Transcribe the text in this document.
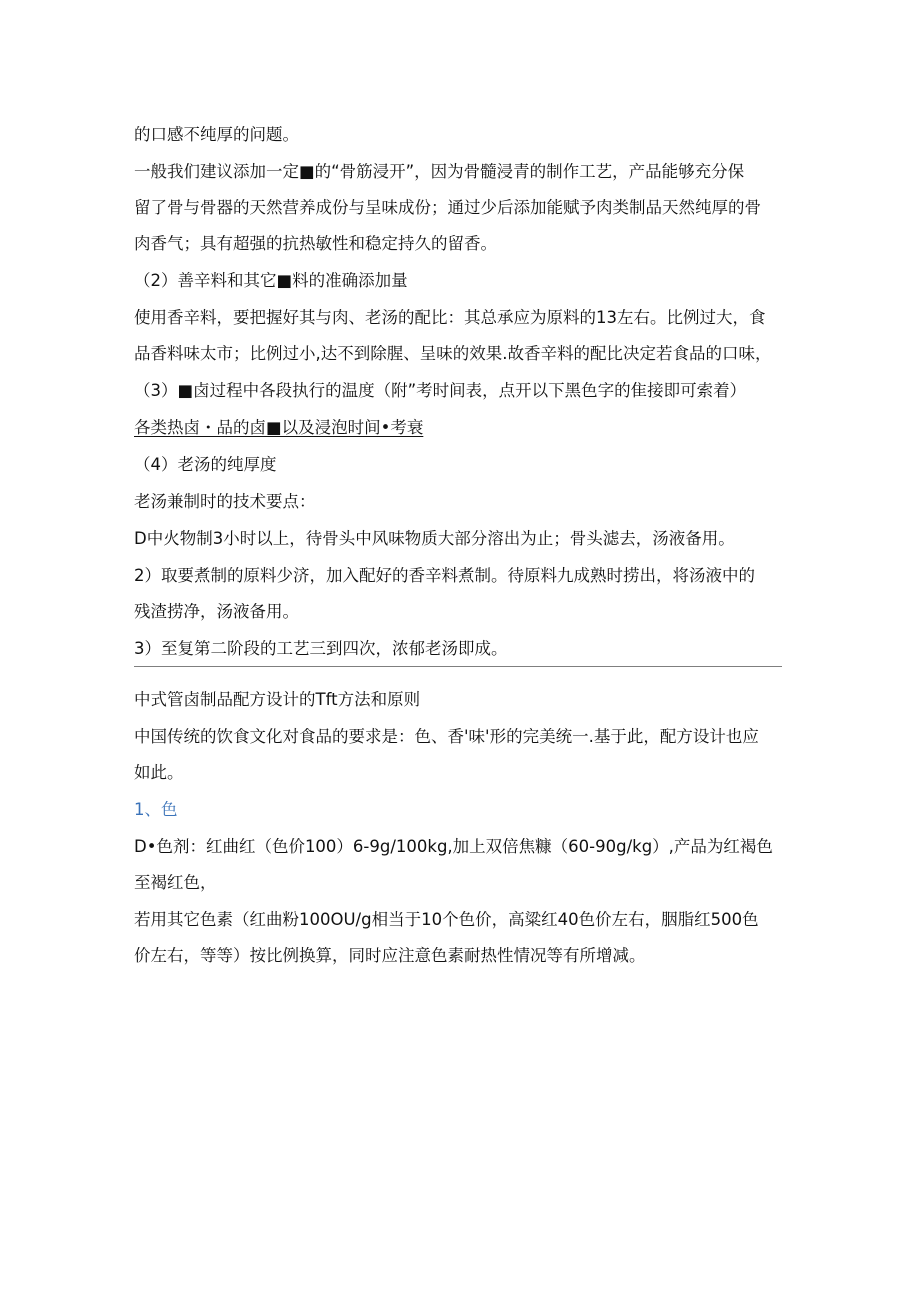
的口感不纯厚的问题。
一般我们建议添加一定■的“骨筋浸开”，因为骨髓浸青的制作工艺，产品能够充分保
留了骨与骨器的天然营养成份与呈味成份；通过少后添加能赋予肉类制品天然纯厚的骨
肉香气；具有超强的抗热敏性和稳定持久的留香。
（2）善辛料和其它■料的准确添加量
使用香辛料，要把握好其与肉、老汤的配比：其总承应为原料的13左右。比例过大，食
品香料味太市；比例过小,达不到除腥、呈味的效果.故香辛料的配比决定若食品的口味，
（3）■卤过程中各段执行的温度（附”考时间表，点开以下黑色字的隹接即可索着）
各类热卤・品的卤■以及浸泡时间•考衰
（4）老汤的纯厚度
老汤兼制时的技术要点：
D中火物制3小时以上，待骨头中风味物质大部分溶出为止；骨头滤去，汤液备用。
2）取要煮制的原料少济，加入配好的香辛料煮制。待原料九成熟时捞出，将汤液中的
残渣捞净，汤液备用。
3）至复第二阶段的工艺三到四次，浓郁老汤即成。
中式管卤制品配方设计的Tft方法和原则
中国传统的饮食文化对食品的要求是：色、香'味'形的完美统一.基于此，配方设计也应
如此。
1、色
D•色剂：红曲红（色价100）6-9g/100kg,加上双倍焦糠（60-90g/kg）,产品为红褐色
至褐红色，
若用其它色素（红曲粉100OU/g相当于10个色价，高粱红40色价左右，胭脂红500色
价左右，等等）按比例换算，同时应注意色素耐热性情况等有所增减。
